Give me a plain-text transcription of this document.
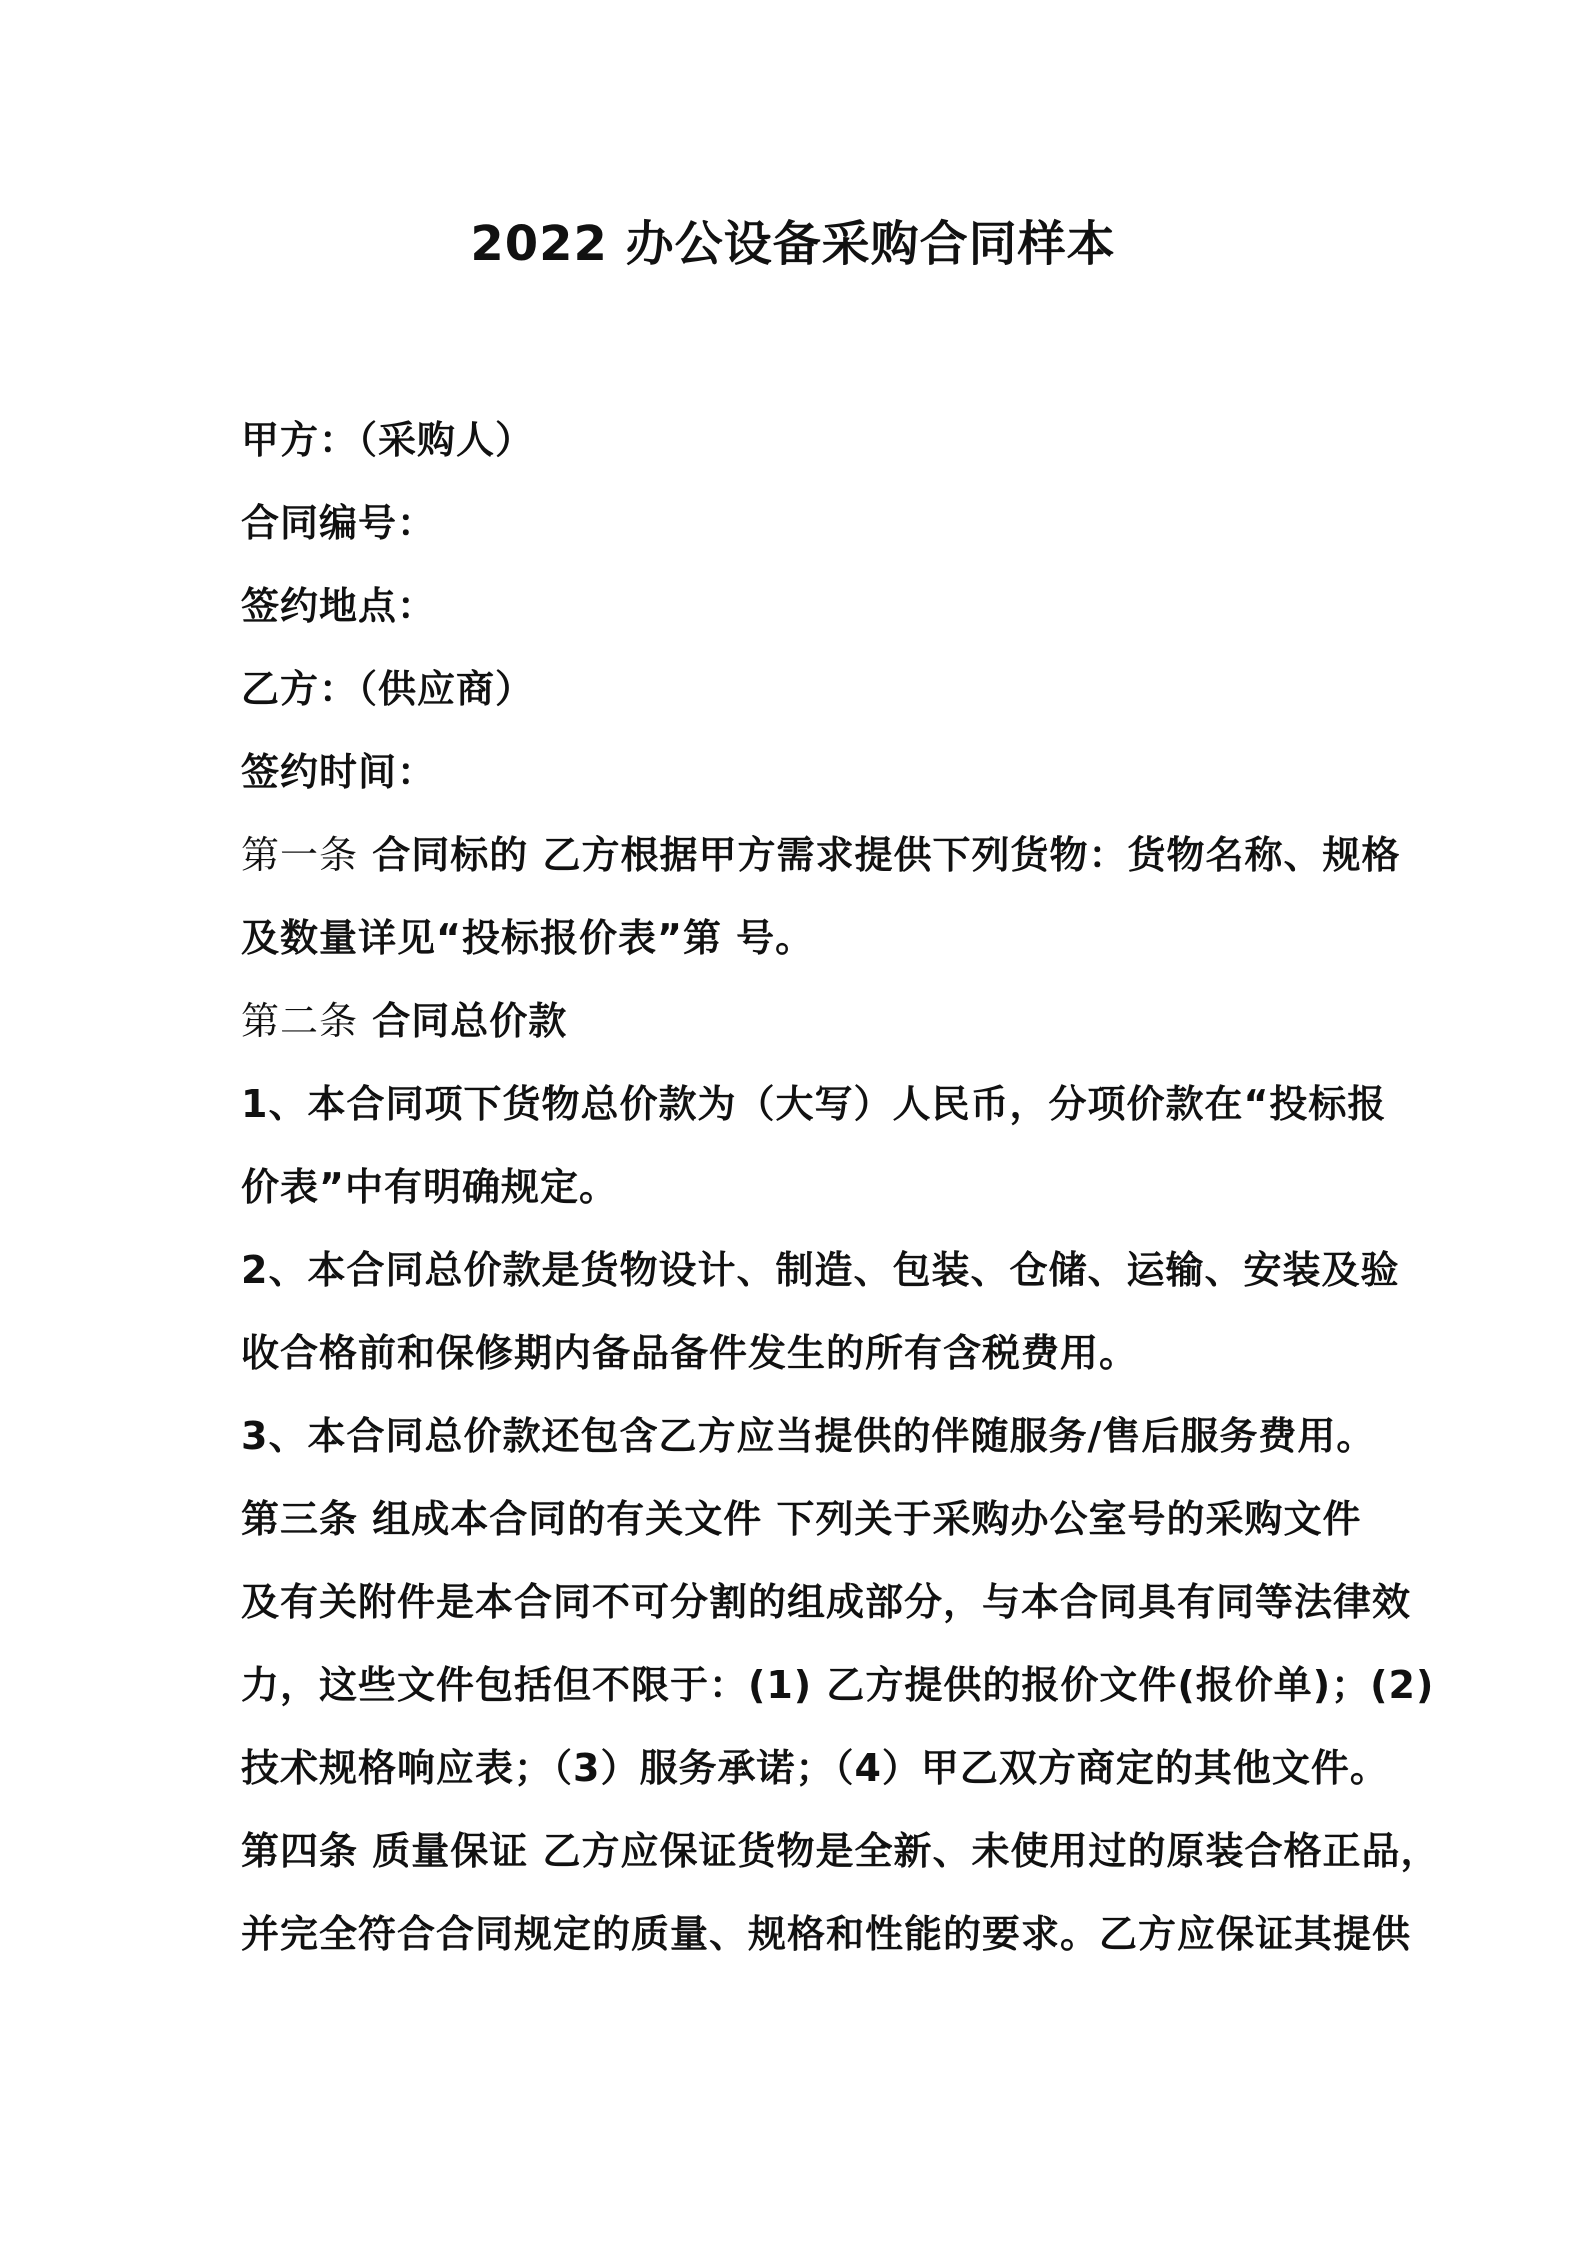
2022 办公设备采购合同样本
甲方：（采购人）
合同编号：
签约地点：
乙方：（供应商）
签约时间：
第一条 合同标的 乙方根据甲方需求提供下列货物：货物名称、规格
及数量详见“投标报价表”第 号。
第二条 合同总价款
1、本合同项下货物总价款为（大写）人民币，分项价款在“投标报
价表”中有明确规定。
2、本合同总价款是货物设计、制造、包装、仓储、运输、安装及验
收合格前和保修期内备品备件发生的所有含税费用。
3、本合同总价款还包含乙方应当提供的伴随服务/售后服务费用。
第三条 组成本合同的有关文件 下列关于采购办公室号的采购文件
及有关附件是本合同不可分割的组成部分，与本合同具有同等法律效
力，这些文件包括但不限于：(1) 乙方提供的报价文件(报价单)；(2)
技术规格响应表；（3）服务承诺；（4）甲乙双方商定的其他文件。
第四条 质量保证 乙方应保证货物是全新、未使用过的原装合格正品，
并完全符合合同规定的质量、规格和性能的要求。乙方应保证其提供
